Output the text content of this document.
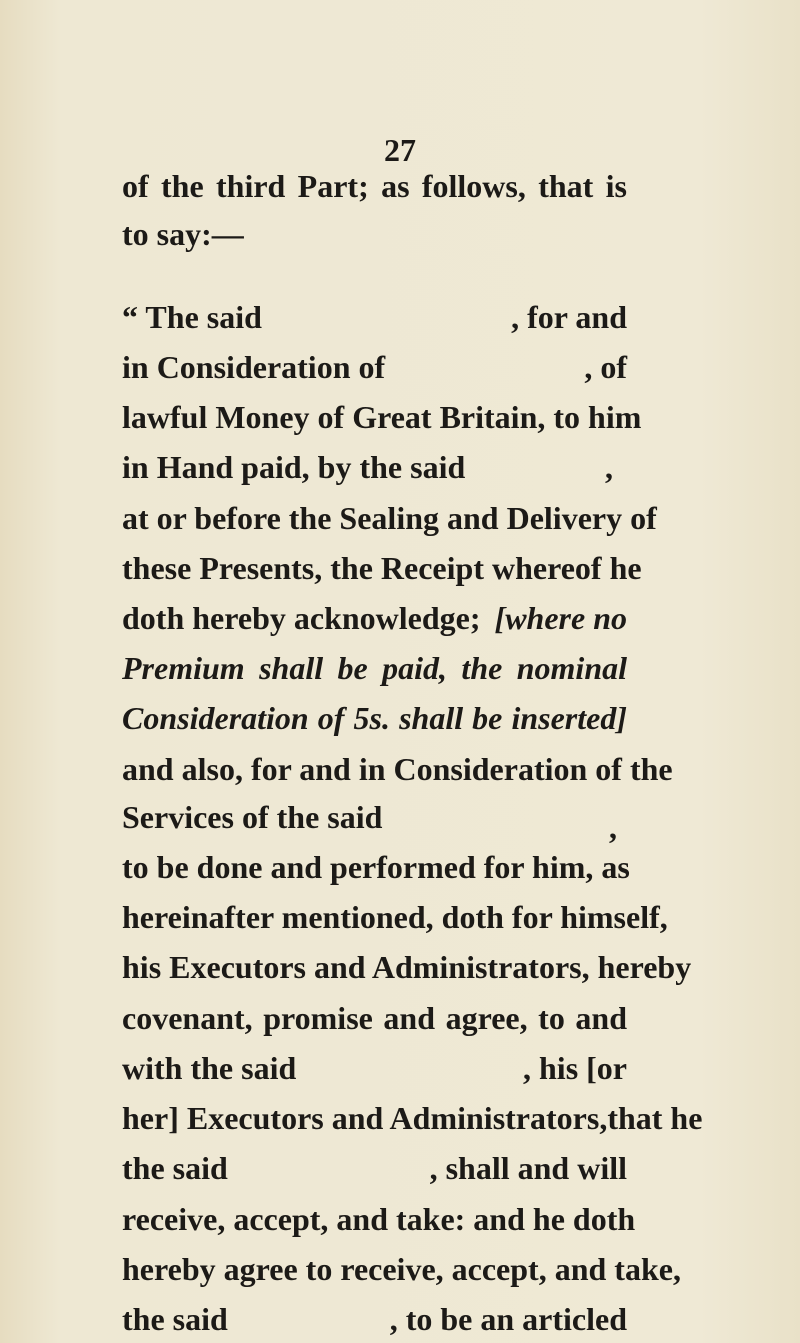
27
of the third Part; as follows, that is
to say:—
“ The said	, for and
in Consideration of	, of
lawful Money of Great Britain, to him
in Hand paid, by the said	,
at or before the Sealing and Delivery of
these Presents, the Receipt whereof he
doth hereby acknowledge; [where no
Premium shall be paid, the nominal
Consideration of 5s. shall be inserted]
and also, for and in Consideration of the
Services of the said	,
to be done and performed for him, as
hereinafter mentioned, doth for himself,
his Executors and Administrators, hereby
covenant, promise and agree, to and
with the said	, his [or
her] Executors and Administrators,that he
the said	, shall and will
receive, accept, and take: and he doth
hereby agree to receive, accept, and take,
the said	, to be an articled
